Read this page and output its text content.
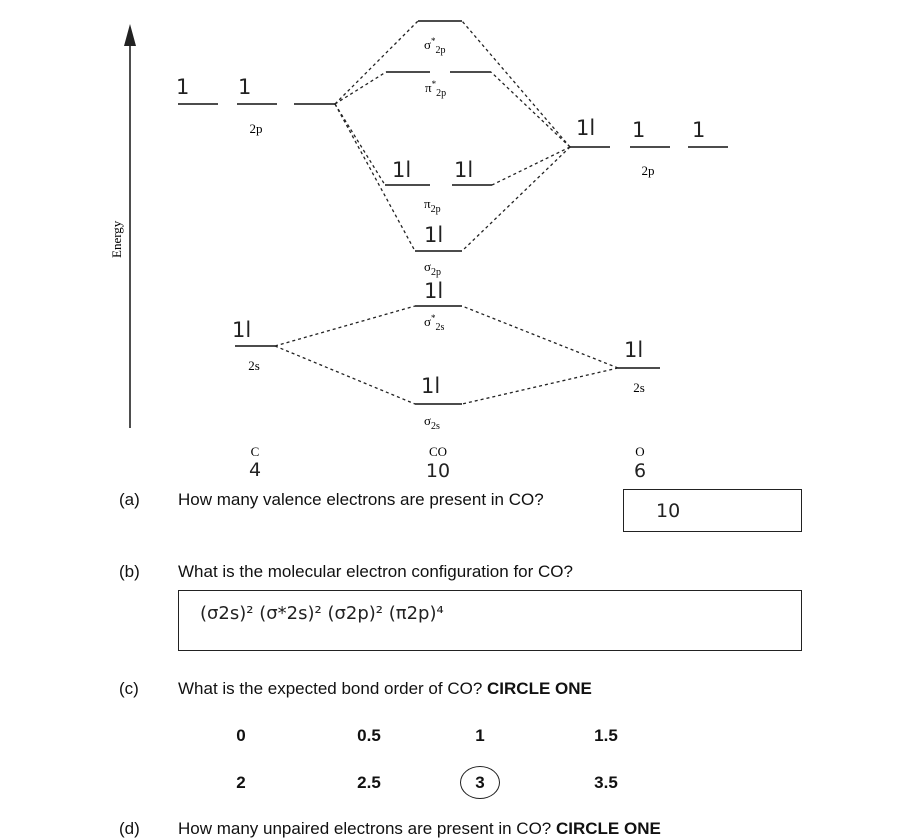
Energy
2p
2p
2s
2s
$\sigma^*_{2p}$
$\pi^*_{2p}$
$\pi_{2p}$
$\sigma_{2p}$
$\sigma^*_{2s}$
$\sigma_{2s}$
1 1
1l 1 1
1l 1l
1l
1l
1l
1l
1l
C	CO	O
4	10	6
(a) How many valence electrons are present in CO?
10
(b) What is the molecular electron configuration for CO?
(σ2s)² (σ*2s)² (σ2p)² (π2p)⁴
(c) What is the expected bond order of CO? CIRCLE ONE
0	0.5	1	1.5
2	2.5	3	3.5
(d) How many unpaired electrons are present in CO? CIRCLE ONE
